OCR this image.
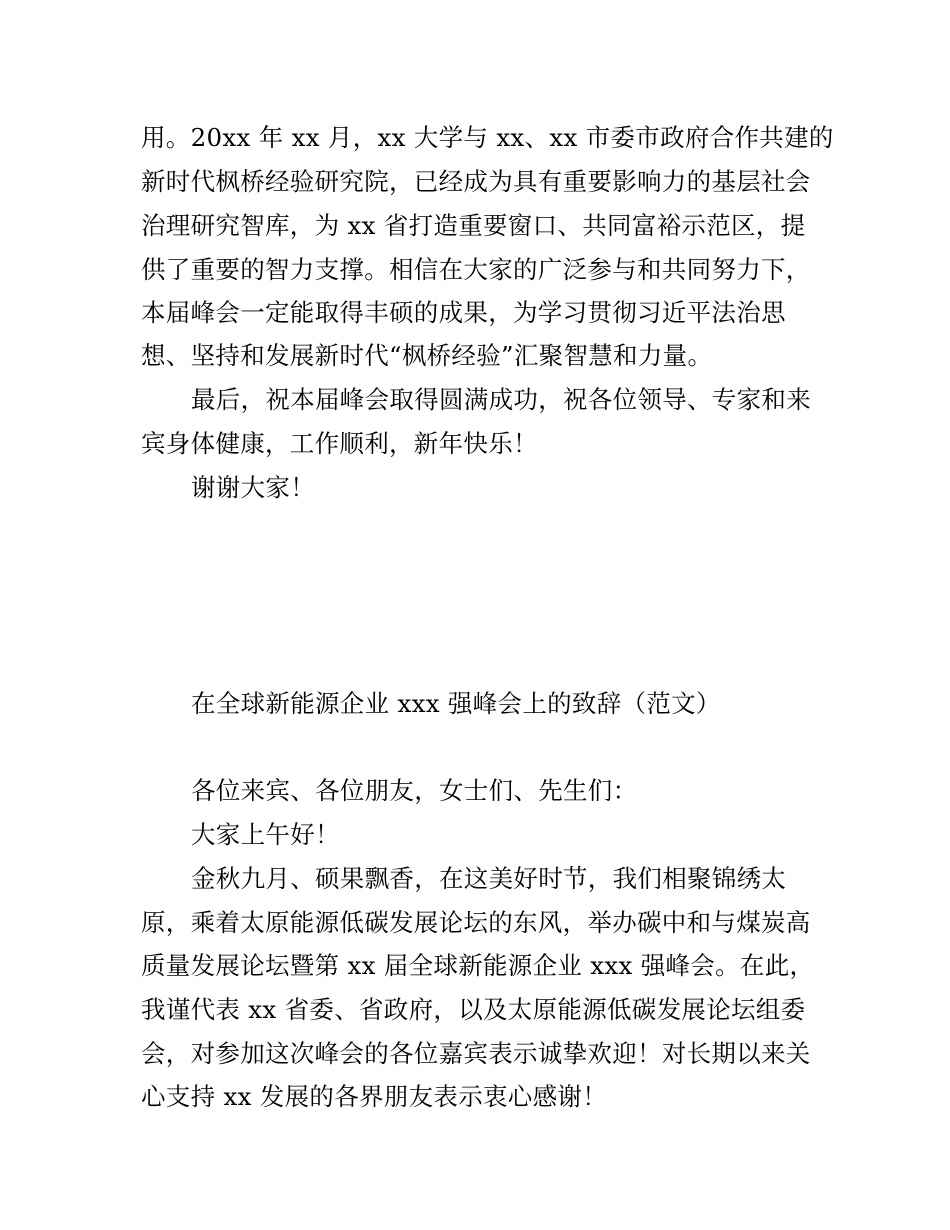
用。20xx 年 xx 月，xx 大学与 xx、xx 市委市政府合作共建的
新时代枫桥经验研究院，已经成为具有重要影响力的基层社会
治理研究智库，为 xx 省打造重要窗口、共同富裕示范区，提
供了重要的智力支撑。相信在大家的广泛参与和共同努力下，
本届峰会一定能取得丰硕的成果，为学习贯彻习近平法治思
想、坚持和发展新时代“枫桥经验”汇聚智慧和力量。
最后，祝本届峰会取得圆满成功，祝各位领导、专家和来
宾身体健康，工作顺利，新年快乐！
谢谢大家！
在全球新能源企业 xxx 强峰会上的致辞（范文）
各位来宾、各位朋友，女士们、先生们：
大家上午好！
金秋九月、硕果飘香，在这美好时节，我们相聚锦绣太
原，乘着太原能源低碳发展论坛的东风，举办碳中和与煤炭高
质量发展论坛暨第 xx 届全球新能源企业 xxx 强峰会。在此，
我谨代表 xx 省委、省政府，以及太原能源低碳发展论坛组委
会，对参加这次峰会的各位嘉宾表示诚挚欢迎！对长期以来关
心支持 xx 发展的各界朋友表示衷心感谢！
